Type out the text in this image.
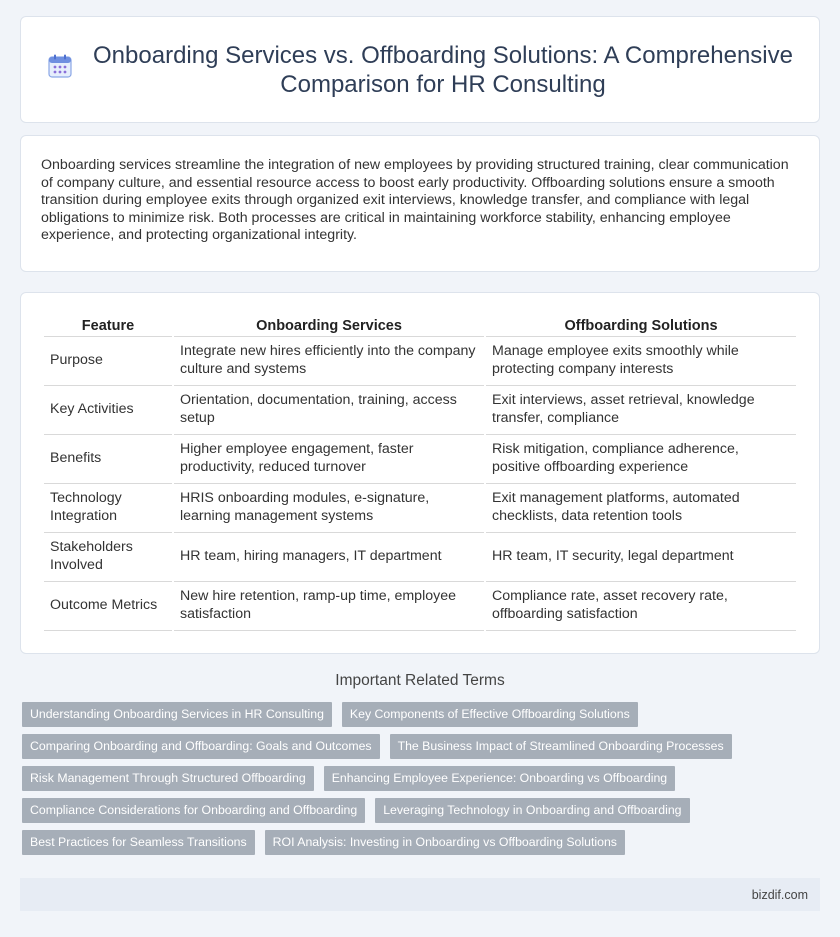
Onboarding Services vs. Offboarding Solutions: A Comprehensive Comparison for HR Consulting

Onboarding services streamline the integration of new employees by providing structured training, clear communication of company culture, and essential resource access to boost early productivity. Offboarding solutions ensure a smooth transition during employee exits through organized exit interviews, knowledge transfer, and compliance with legal obligations to minimize risk. Both processes are critical in maintaining workforce stability, enhancing employee experience, and protecting organizational integrity.

Feature	Onboarding Services	Offboarding Solutions
Purpose	Integrate new hires efficiently into the company culture and systems	Manage employee exits smoothly while protecting company interests
Key Activities	Orientation, documentation, training, access setup	Exit interviews, asset retrieval, knowledge transfer, compliance
Benefits	Higher employee engagement, faster productivity, reduced turnover	Risk mitigation, compliance adherence, positive offboarding experience
Technology Integration	HRIS onboarding modules, e-signature, learning management systems	Exit management platforms, automated checklists, data retention tools
Stakeholders Involved	HR team, hiring managers, IT department	HR team, IT security, legal department
Outcome Metrics	New hire retention, ramp-up time, employee satisfaction	Compliance rate, asset recovery rate, offboarding satisfaction
Important Related Terms
Understanding Onboarding Services in HR Consulting	Key Components of Effective Offboarding Solutions
Comparing Onboarding and Offboarding: Goals and Outcomes	The Business Impact of Streamlined Onboarding Processes
Risk Management Through Structured Offboarding	Enhancing Employee Experience: Onboarding vs Offboarding
Compliance Considerations for Onboarding and Offboarding	Leveraging Technology in Onboarding and Offboarding
Best Practices for Seamless Transitions	ROI Analysis: Investing in Onboarding vs Offboarding Solutions
bizdif.com
